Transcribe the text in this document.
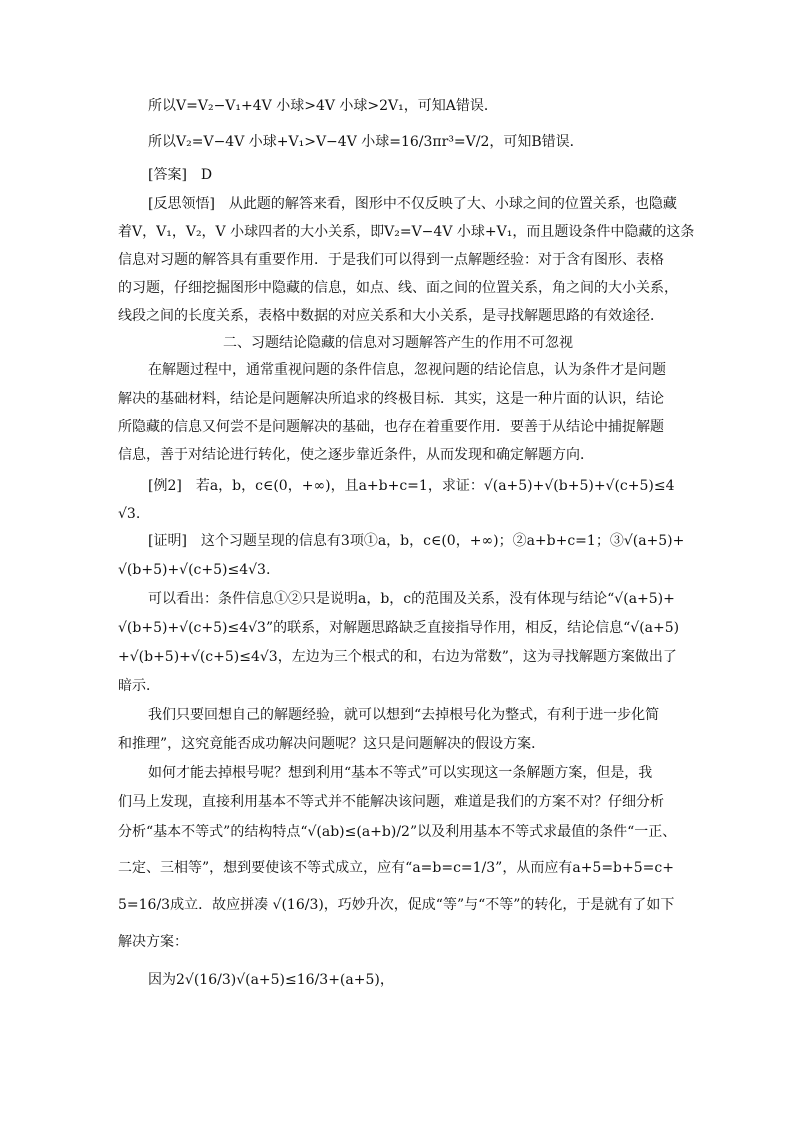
所以V=V₂−V₁+4V 小球>4V 小球>2V₁，可知A错误．
所以V₂=V−4V 小球+V₁>V−4V 小球=16/3πr³=V/2，可知B错误．
[答案]　D
[反思领悟]　从此题的解答来看，图形中不仅反映了大、小球之间的位置关系，也隐藏
着V，V₁，V₂，V 小球四者的大小关系，即V₂=V−4V 小球+V₁，而且题设条件中隐藏的这条
信息对习题的解答具有重要作用．于是我们可以得到一点解题经验：对于含有图形、表格
的习题，仔细挖掘图形中隐藏的信息，如点、线、面之间的位置关系，角之间的大小关系，
线段之间的长度关系，表格中数据的对应关系和大小关系，是寻找解题思路的有效途径．
二、习题结论隐藏的信息对习题解答产生的作用不可忽视
在解题过程中，通常重视问题的条件信息，忽视问题的结论信息，认为条件才是问题
解决的基础材料，结论是问题解决所追求的终极目标．其实，这是一种片面的认识，结论
所隐藏的信息又何尝不是问题解决的基础，也存在着重要作用．要善于从结论中捕捉解题
信息，善于对结论进行转化，使之逐步靠近条件，从而发现和确定解题方向．
[例2]　若a，b，c∈(0，+∞)，且a+b+c=1，求证：√(a+5)+√(b+5)+√(c+5)≤4
√3.
[证明]　这个习题呈现的信息有3项①a，b，c∈(0，+∞)；②a+b+c=1；③√(a+5)+
√(b+5)+√(c+5)≤4√3.
可以看出：条件信息①②只是说明a，b，c的范围及关系，没有体现与结论“√(a+5)+
√(b+5)+√(c+5)≤4√3”的联系，对解题思路缺乏直接指导作用，相反，结论信息“√(a+5)
+√(b+5)+√(c+5)≤4√3，左边为三个根式的和，右边为常数”，这为寻找解题方案做出了
暗示．
我们只要回想自己的解题经验，就可以想到“去掉根号化为整式，有利于进一步化简
和推理”，这究竟能否成功解决问题呢？这只是问题解决的假设方案．
如何才能去掉根号呢？想到利用“基本不等式”可以实现这一条解题方案，但是，我
们马上发现，直接利用基本不等式并不能解决该问题，难道是我们的方案不对？仔细分析
分析“基本不等式”的结构特点“√(ab)≤(a+b)/2”以及利用基本不等式求最值的条件“一正、
二定、三相等”，想到要使该不等式成立，应有“a=b=c=1/3”，从而应有a+5=b+5=c+
5=16/3成立．故应拼凑 √(16/3)，巧妙升次，促成“等”与“不等”的转化，于是就有了如下
解决方案：
因为2√(16/3)√(a+5)≤16/3+(a+5)，
